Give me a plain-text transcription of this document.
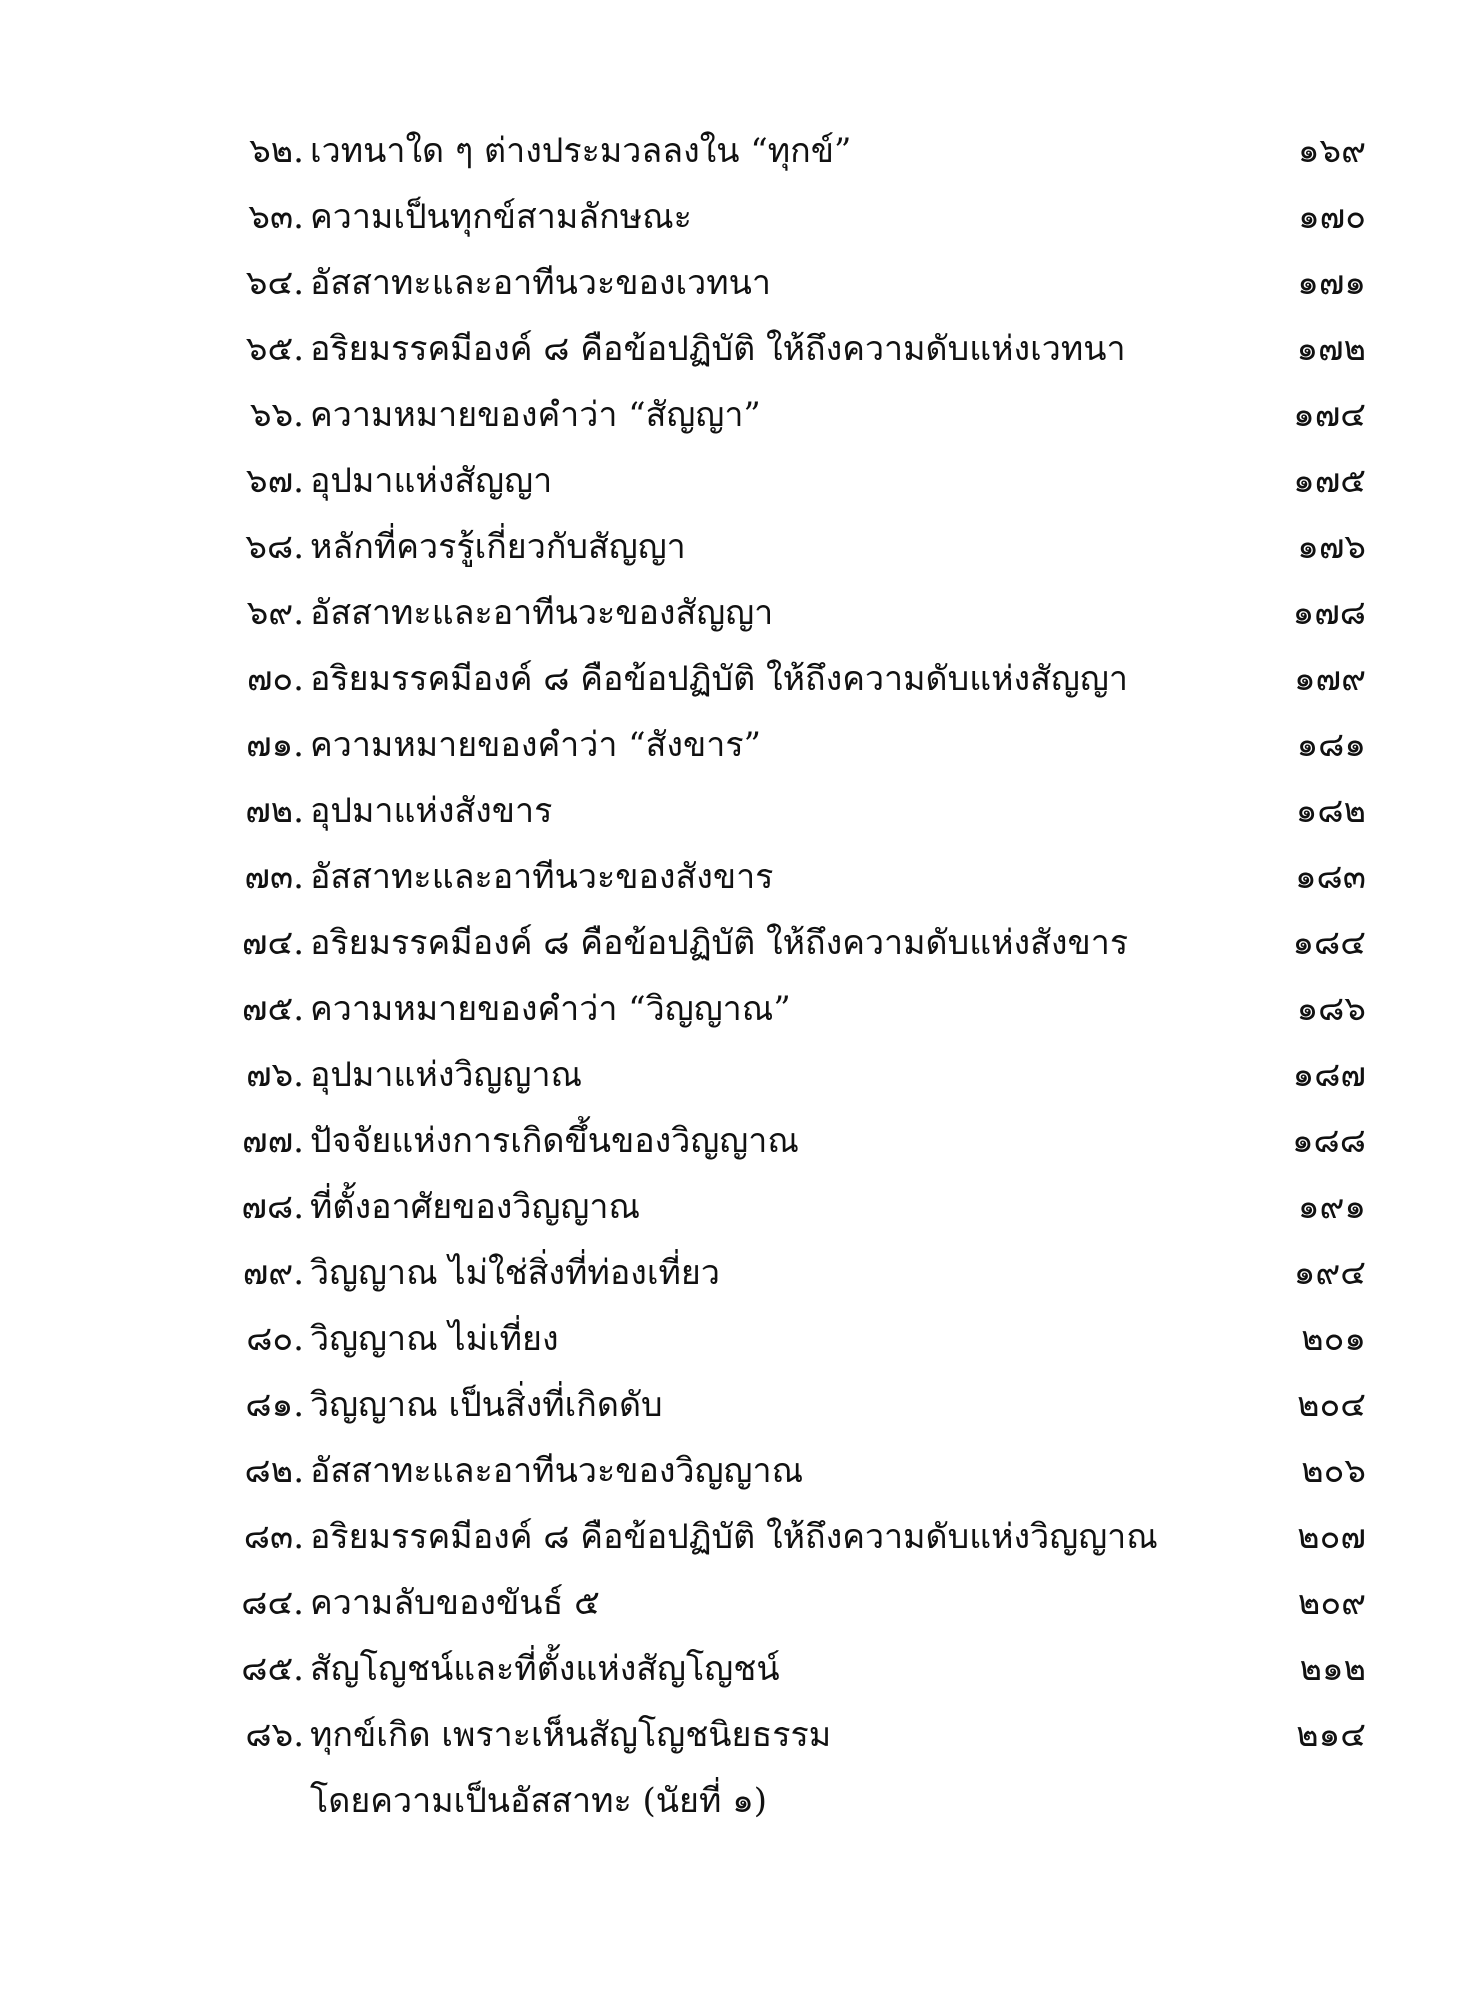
๖๒. เวทนาใด ๆ ต่างประมวลลงใน “ทุกข์”	๑๖๙
๖๓. ความเป็นทุกข์สามลักษณะ	๑๗๐
๖๔. อัสสาทะและอาทีนวะของเวทนา	๑๗๑
๖๕. อริยมรรคมีองค์ ๘ คือข้อปฏิบัติ ให้ถึงความดับแห่งเวทนา	๑๗๒
๖๖. ความหมายของคำว่า “สัญญา”	๑๗๔
๖๗. อุปมาแห่งสัญญา	๑๗๕
๖๘. หลักที่ควรรู้เกี่ยวกับสัญญา	๑๗๖
๖๙. อัสสาทะและอาทีนวะของสัญญา	๑๗๘
๗๐. อริยมรรคมีองค์ ๘ คือข้อปฏิบัติ ให้ถึงความดับแห่งสัญญา	๑๗๙
๗๑. ความหมายของคำว่า “สังขาร”	๑๘๑
๗๒. อุปมาแห่งสังขาร	๑๘๒
๗๓. อัสสาทะและอาทีนวะของสังขาร	๑๘๓
๗๔. อริยมรรคมีองค์ ๘ คือข้อปฏิบัติ ให้ถึงความดับแห่งสังขาร	๑๘๔
๗๕. ความหมายของคำว่า “วิญญาณ”	๑๘๖
๗๖. อุปมาแห่งวิญญาณ	๑๘๗
๗๗. ปัจจัยแห่งการเกิดขึ้นของวิญญาณ	๑๘๘
๗๘. ที่ตั้งอาศัยของวิญญาณ	๑๙๑
๗๙. วิญญาณ ไม่ใช่สิ่งที่ท่องเที่ยว	๑๙๔
๘๐. วิญญาณ ไม่เที่ยง	๒๐๑
๘๑. วิญญาณ เป็นสิ่งที่เกิดดับ	๒๐๔
๘๒. อัสสาทะและอาทีนวะของวิญญาณ	๒๐๖
๘๓. อริยมรรคมีองค์ ๘ คือข้อปฏิบัติ ให้ถึงความดับแห่งวิญญาณ	๒๐๗
๘๔. ความลับของขันธ์ ๕	๒๐๙
๘๕. สัญโญชน์และที่ตั้งแห่งสัญโญชน์	๒๑๒
๘๖. ทุกข์เกิด เพราะเห็นสัญโญชนิยธรรม	๒๑๔
โดยความเป็นอัสสาทะ (นัยที่ ๑)
